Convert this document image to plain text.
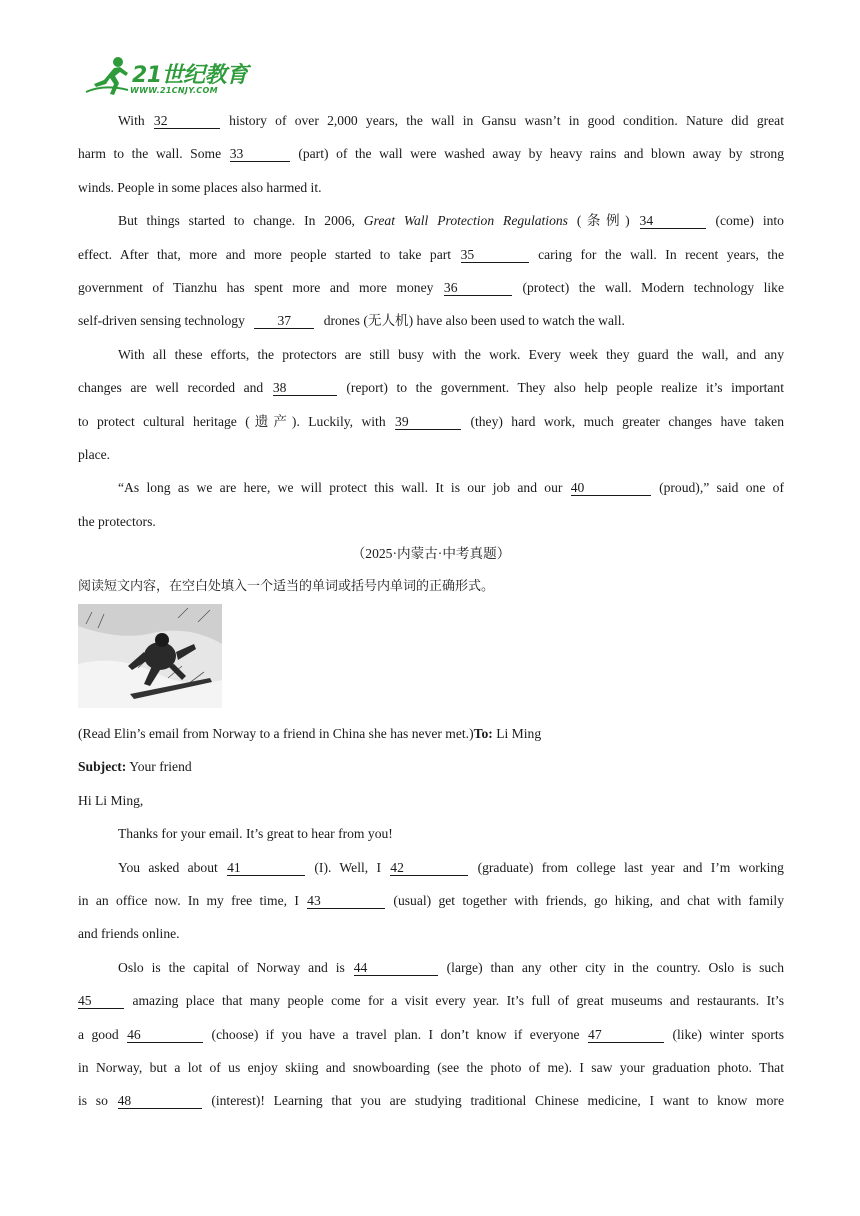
21世纪教育
WWW.21CNJY.COM
With 32	history of over 2,000 years, the wall in Gansu wasn’t in good condition. Nature did great
harm to the wall. Some 33	(part) of the wall were washed away by heavy rains and blown away by strong
winds. People in some places also harmed it.
But things started to change. In 2006, Great Wall Protection Regulations (条例) 34	(come) into
effect. After that, more and more people started to take part 35	caring for the wall. In recent years, the
government of Tianzhu has spent more and more money 36	(protect) the wall. Modern technology like
self-driven sensing technology 37 drones (无人机) have also been used to watch the wall.
With all these efforts, the protectors are still busy with the work. Every week they guard the wall, and any
changes are well recorded and 38	(report) to the government. They also help people realize it’s important
to protect cultural heritage (遗产). Luckily, with 39	(they) hard work, much greater changes have taken
place.
“As long as we are here, we will protect this wall. It is our job and our 40	(proud),” said one of
the protectors.
（2025·内蒙古·中考真题）
阅读短文内容，在空白处填入一个适当的单词或括号内单词的正确形式。
(Read Elin’s email from Norway to a friend in China she has never met.)To: Li Ming
Subject: Your friend
Hi Li Ming,
Thanks for your email. It’s great to hear from you!
You asked about 41	(I). Well, I 42	(graduate) from college last year and I’m working
in an office now. In my free time, I 43	(usual) get together with friends, go hiking, and chat with family
and friends online.
Oslo is the capital of Norway and is 44	(large) than any other city in the country. Oslo is such
45	amazing place that many people come for a visit every year. It’s full of great museums and restaurants. It’s
a good 46	(choose) if you have a travel plan. I don’t know if everyone 47	(like) winter sports
in Norway, but a lot of us enjoy skiing and snowboarding (see the photo of me). I saw your graduation photo. That
is so 48	(interest)! Learning that you are studying traditional Chinese medicine, I want to know more
